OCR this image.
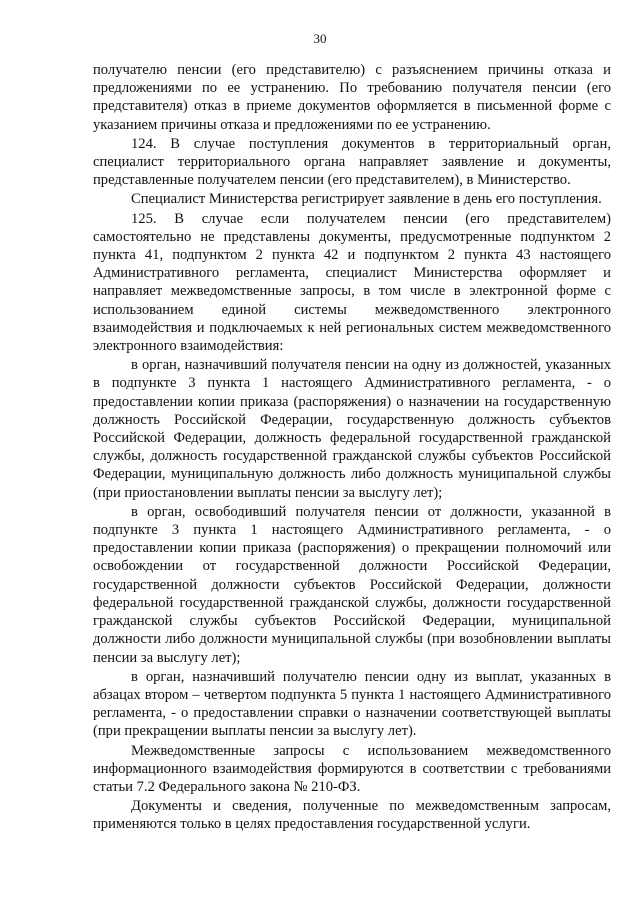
30

получателю пенсии (его представителю) с разъяснением причины отказа и предложениями по ее устранению. По требованию получателя пенсии (его представителя) отказ в приеме документов оформляется в письменной форме с указанием причины отказа и предложениями по ее устранению.

124. В случае поступления документов в территориальный орган, специалист территориального органа направляет заявление и документы, представленные получателем пенсии (его представителем), в Министерство.

Специалист Министерства регистрирует заявление в день его поступления.

125. В случае если получателем пенсии (его представителем) самостоятельно не представлены документы, предусмотренные подпунктом 2 пункта 41, подпунктом 2 пункта 42 и подпунктом 2 пункта 43 настоящего Административного регламента, специалист Министерства оформляет и направляет межведомственные запросы, в том числе в электронной форме с использованием единой системы межведомственного электронного взаимодействия и подключаемых к ней региональных систем межведомственного электронного взаимодействия:

в орган, назначивший получателя пенсии на одну из должностей, указанных в подпункте 3 пункта 1 настоящего Административного регламента, - о предоставлении копии приказа (распоряжения) о назначении на государственную должность Российской Федерации, государственную должность субъектов Российской Федерации, должность федеральной государственной гражданской службы, должность государственной гражданской службы субъектов Российской Федерации, муниципальную должность либо должность муниципальной службы (при приостановлении выплаты пенсии за выслугу лет);

в орган, освободивший получателя пенсии от должности, указанной в подпункте 3 пункта 1 настоящего Административного регламента, - о предоставлении копии приказа (распоряжения) о прекращении полномочий или освобождении от государственной должности Российской Федерации, государственной должности субъектов Российской Федерации, должности федеральной государственной гражданской службы, должности государственной гражданской службы субъектов Российской Федерации, муниципальной должности либо должности муниципальной службы (при возобновлении выплаты пенсии за выслугу лет);

в орган, назначивший получателю пенсии одну из выплат, указанных в абзацах втором – четвертом подпункта 5 пункта 1 настоящего Административного регламента, - о предоставлении справки о назначении соответствующей выплаты (при прекращении выплаты пенсии за выслугу лет).

Межведомственные запросы с использованием межведомственного информационного взаимодействия формируются в соответствии с требованиями статьи 7.2 Федерального закона № 210-ФЗ.

Документы и сведения, полученные по межведомственным запросам, применяются только в целях предоставления государственной услуги.
